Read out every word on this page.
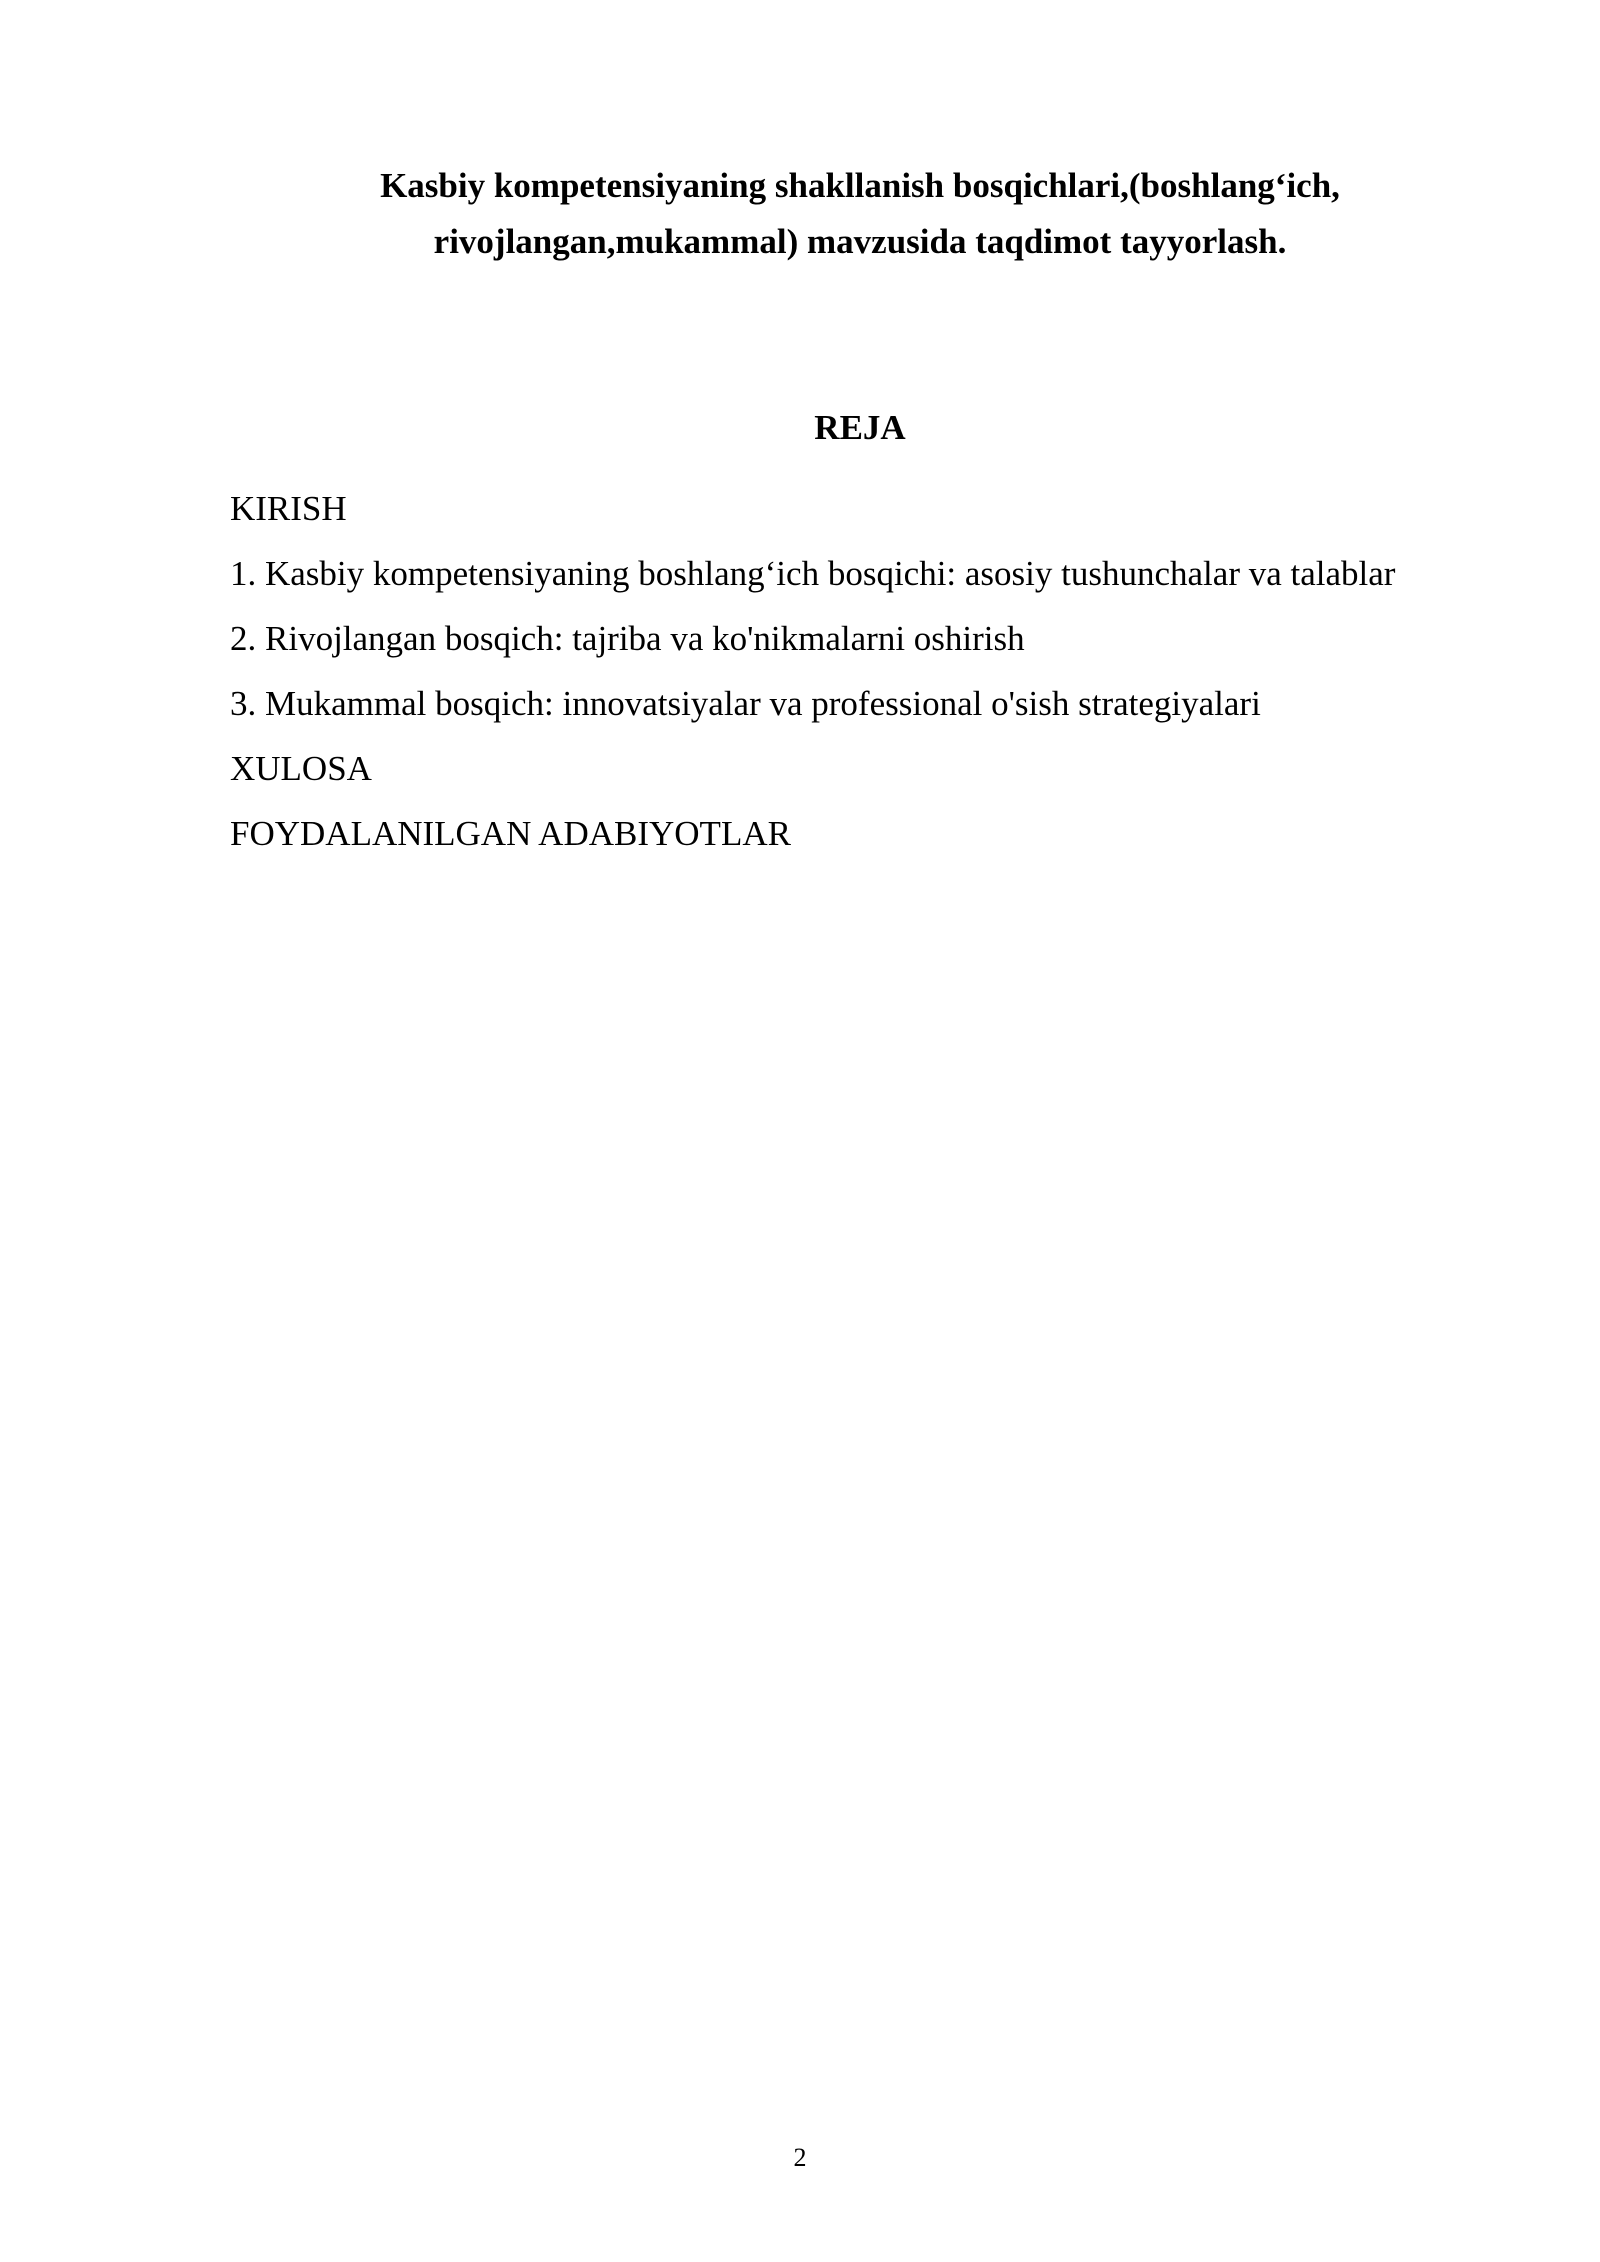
Kasbiy kompetensiyaning shakllanish bosqichlari,(boshlang‘ich,
rivojlangan,mukammal) mavzusida taqdimot tayyorlash.
REJA
KIRISH
1. Kasbiy kompetensiyaning boshlang‘ich bosqichi: asosiy tushunchalar va talablar
2. Rivojlangan bosqich: tajriba va ko'nikmalarni oshirish
3. Mukammal bosqich: innovatsiyalar va professional o'sish strategiyalari
XULOSA
FOYDALANILGAN ADABIYOTLAR
2
